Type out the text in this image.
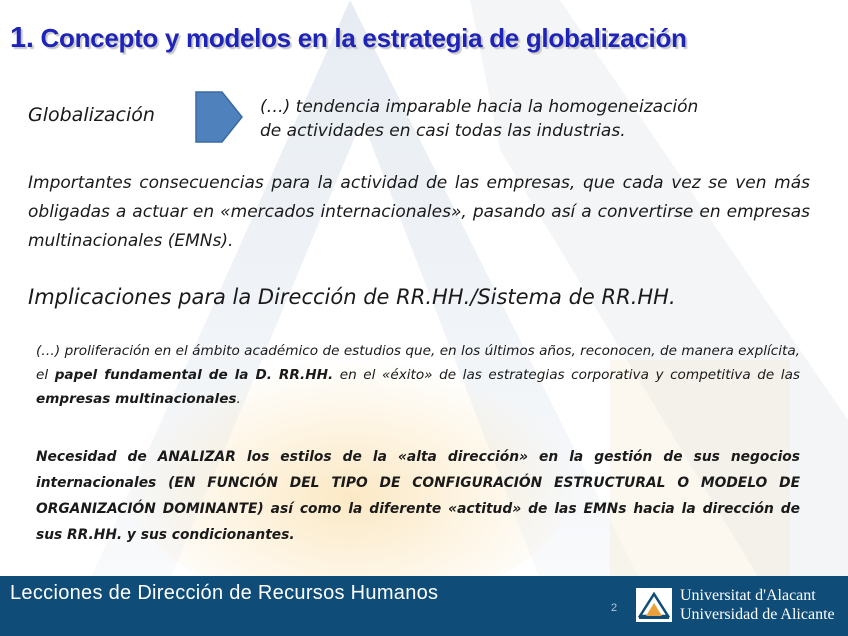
1. Concepto y modelos en la estrategia de globalización
Globalización	(…) tendencia imparable hacia la homogeneización
de actividades en casi todas las industrias.
Importantes consecuencias para la actividad de las empresas, que cada vez se ven más obligadas a actuar en «mercados internacionales», pasando así a convertirse en empresas multinacionales (EMNs).
Implicaciones para la Dirección de RR.HH./Sistema de RR.HH.
(…) proliferación en el ámbito académico de estudios que, en los últimos años, reconocen, de manera explícita, el papel fundamental de la D. RR.HH. en el «éxito» de las estrategias corporativa y competitiva de las empresas multinacionales.
Necesidad de ANALIZAR los estilos de la «alta dirección» en la gestión de sus negocios internacionales (EN FUNCIÓN DEL TIPO DE CONFIGURACIÓN ESTRUCTURAL O MODELO DE ORGANIZACIÓN DOMINANTE) así como la diferente «actitud» de las EMNs hacia la dirección de sus RR.HH. y sus condicionantes.
Lecciones de Dirección de Recursos Humanos
2
Universitat d'Alacant
Universidad de Alicante
